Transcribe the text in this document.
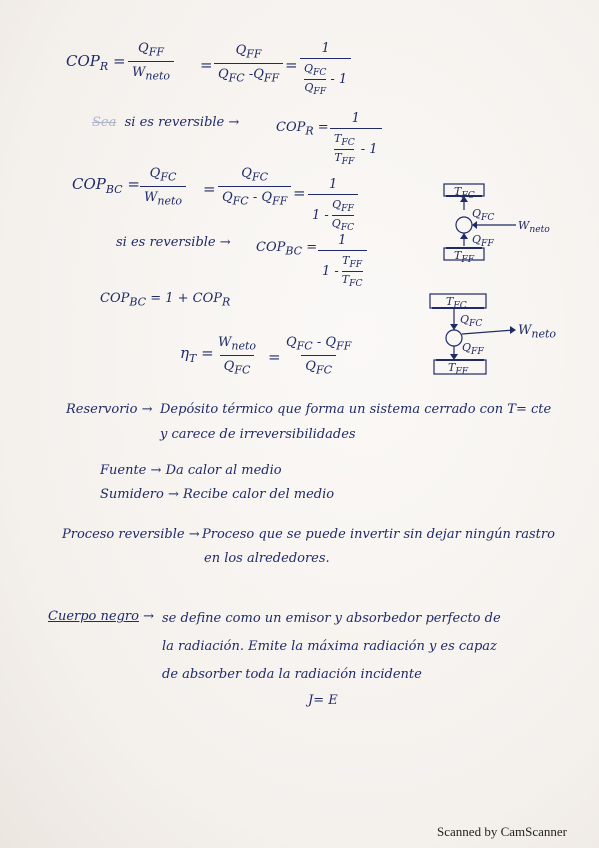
$COP_R$ =
$Q_{FF}$
$W_{neto}$
=
$Q_{FF}$
$Q_{FC}$ $-Q_{FF}$
=
1
$Q_{FC}$
$Q_{FF}$
- 1
Sea si es reversible →	$COP_R$ =
1
$T_{FC}$
$T_{FF}$
- 1
$COP_{BC}$ =
$Q_{FC}$
$W_{neto}$
=
$Q_{FC}$
$Q_{FC} - Q_{FF}$ =	1
1 -
$Q_{FF}$
$Q_{FC}$
si es reversible → $COP_{BC}$ =	1
1 -
$T_{FF}$
$T_{FC}$
$T_{FC}$
$Q_{FC}$
$W_{neto}$
$Q_{FF}$
$T_{FF}$
$COP_{BC} = 1 + COP_R$
$\eta_T$ =
$W_{neto}$
$Q_{FC}$
=
$Q_{FC} - Q_{FF}$
$Q_{FC}$
$T_{FC}$
$Q_{FC}$	$W_{neto}$
$Q_{FF}$
$T_{FF}$
Reservorio → Depósito térmico que forma un sistema cerrado con T= cte
y carece de irreversibilidades
Fuente → Da calor al medio
Sumidero → Recibe calor del medio
Proceso reversible → Proceso que se puede invertir sin dejar ningún rastro
en los alrededores.
Cuerpo negro → se define como un emisor y absorbedor perfecto de
la radiación. Emite la máxima radiación y es capaz
de absorber toda la radiación incidente
J= E
Scanned by CamScanner
